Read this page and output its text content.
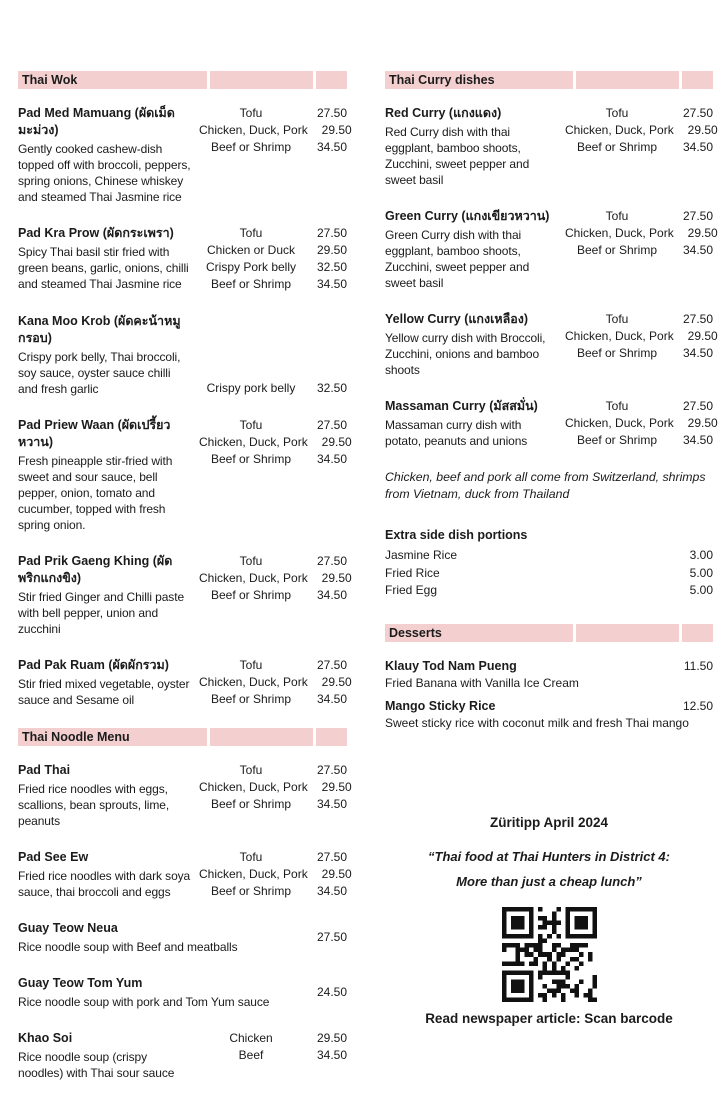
Thai Wok
Pad Med Mamuang (ผัดเม็ดมะม่วง)
Gently cooked cashew-dish topped off with broccoli, peppers, spring onions, Chinese whiskey and steamed Thai Jasmine rice
Tofu	27.50
Chicken, Duck, Pork	29.50
Beef or Shrimp	34.50
Pad Kra Prow (ผัดกระเพรา)
Spicy Thai basil stir fried with green beans, garlic, onions, chilli and steamed Thai Jasmine rice
Tofu	27.50
Chicken or Duck	29.50
Crispy Pork belly	32.50
Beef or Shrimp	34.50
Kana Moo Krob (ผัดคะน้าหมูกรอบ)
Crispy pork belly, Thai broccoli, soy sauce, oyster sauce chilli and fresh garlic	Crispy pork belly	32.50
Pad Priew Waan (ผัดเปรี้ยวหวาน)
Fresh pineapple stir-fried with sweet and sour sauce, bell pepper, onion, tomato and cucumber, topped with fresh spring onion.
Tofu	27.50
Chicken, Duck, Pork	29.50
Beef or Shrimp	34.50
Pad Prik Gaeng Khing (ผัดพริกแกงขิง)
Stir fried Ginger and Chilli paste with bell pepper, union and zucchini
Tofu	27.50
Chicken, Duck, Pork	29.50
Beef or Shrimp	34.50
Pad Pak Ruam (ผัดผักรวม)
Stir fried mixed vegetable, oyster sauce and Sesame oil
Tofu	27.50
Chicken, Duck, Pork	29.50
Beef or Shrimp	34.50
Thai Noodle Menu
Pad Thai
Fried rice noodles with eggs, scallions, bean sprouts, lime, peanuts
Tofu	27.50
Chicken, Duck, Pork	29.50
Beef or Shrimp	34.50
Pad See Ew
Fried rice noodles with dark soya sauce, thai broccoli and eggs
Tofu	27.50
Chicken, Duck, Pork	29.50
Beef or Shrimp	34.50
Guay Teow Neua
Rice noodle soup with Beef and meatballs
27.50
Guay Teow Tom Yum
Rice noodle soup with pork and Tom Yum sauce
24.50
Khao Soi
Rice noodle soup (crispy noodles) with Thai sour sauce
Chicken	29.50
Beef	34.50
Thai Curry dishes
Red Curry (แกงแดง)
Red Curry dish with thai eggplant, bamboo shoots, Zucchini, sweet pepper and sweet basil
Tofu	27.50
Chicken, Duck, Pork	29.50
Beef or Shrimp	34.50
Green Curry (แกงเขียวหวาน)
Green Curry dish with thai eggplant, bamboo shoots, Zucchini, sweet pepper and sweet basil
Tofu	27.50
Chicken, Duck, Pork	29.50
Beef or Shrimp	34.50
Yellow Curry (แกงเหลือง)
Yellow curry dish with Broccoli, Zucchini, onions and bamboo shoots
Tofu	27.50
Chicken, Duck, Pork	29.50
Beef or Shrimp	34.50
Massaman Curry (มัสสมั่น)
Massaman curry dish with potato, peanuts and unions
Tofu	27.50
Chicken, Duck, Pork	29.50
Beef or Shrimp	34.50
Chicken, beef and pork all come from Switzerland, shrimps from Vietnam, duck from Thailand
Extra side dish portions
Jasmine Rice	3.00
Fried Rice	5.00
Fried Egg	5.00
Desserts
Klauy Tod Nam Pueng	11.50
Fried Banana with Vanilla Ice Cream
Mango Sticky Rice	12.50
Sweet sticky rice with coconut milk and fresh Thai mango
Züritipp April 2024
“Thai food at Thai Hunters in District 4:
More than just a cheap lunch”
Read newspaper article: Scan barcode
